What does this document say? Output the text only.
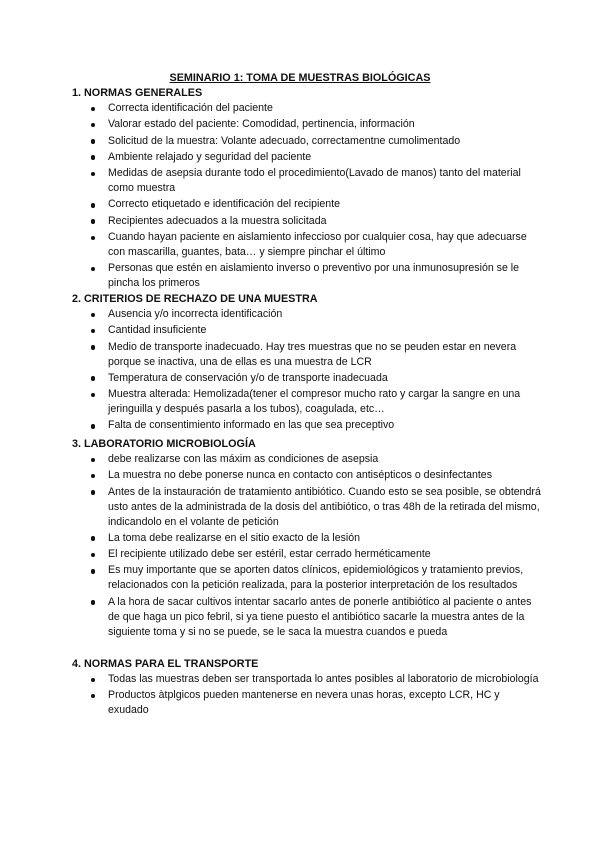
SEMINARIO 1: TOMA DE MUESTRAS BIOLÓGICAS
1. NORMAS GENERALES
Correcta identificación del paciente
Valorar estado del paciente: Comodidad, pertinencia, información
Solicitud de la muestra: Volante adecuado, correctamentne cumolimentado
Ambiente relajado y seguridad del paciente
Medidas de asepsia durante todo el procedimiento(Lavado de manos) tanto del material como muestra
Correcto etiquetado e identificación del recipiente
Recipientes adecuados a la muestra solicitada
Cuando hayan paciente en aislamiento infeccioso por cualquier cosa, hay que adecuarse con mascarilla, guantes, bata… y siempre pinchar el último
Personas que estén en aislamiento inverso o preventivo por una inmunosupresión se le pincha los primeros
2. CRITERIOS DE RECHAZO DE UNA MUESTRA
Ausencia y/o incorrecta identificación
Cantidad insuficiente
Medio de transporte inadecuado. Hay tres muestras que no se peuden estar en nevera porque se inactiva, una de ellas es una muestra de LCR
Temperatura de conservación y/o de transporte inadecuada
Muestra alterada: Hemolizada(tener el compresor mucho rato y cargar la sangre en una jeringuilla y después pasarla a los tubos), coagulada, etc…
Falta de consentimiento informado en las que sea preceptivo
3. LABORATORIO MICROBIOLOGÍA
debe realizarse con las máxim as condiciones de asepsia
La muestra no debe ponerse nunca en contacto con antisépticos o desinfectantes
Antes de la instauración de tratamiento antibiótico. Cuando esto se sea posible, se obtendrá usto antes de la administrada de la dosis del antibiótico, o tras 48h de la retirada del mismo, indicandolo en el volante de petición
La toma debe realizarse en el sitio exacto de la lesión
El recipiente utilizado debe ser estéril, estar cerrado herméticamente
Es muy importante que se aporten datos clínicos, epidemiológicos y tratamiento previos, relacionados con la petición realizada, para la posterior interpretación de los resultados
A la hora de sacar cultivos intentar sacarlo antes de ponerle antibiótico al paciente o antes de que haga un pico febril, si ya tiene puesto el antibiótico sacarle la muestra antes de la siguiente toma y si no se puede, se le saca la muestra cuandos e pueda
4. NORMAS PARA EL TRANSPORTE
Todas las muestras deben ser transportada lo antes posibles al laboratorio de microbiología
Productos àtplgicos pueden mantenerse en nevera unas horas, excepto LCR, HC y exudado
